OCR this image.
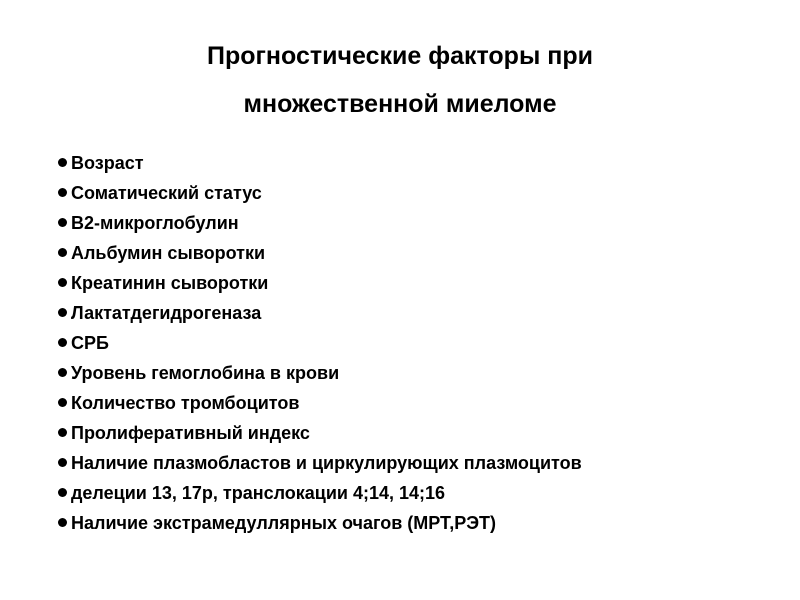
Прогностические факторы при
множественной миеломе
Возраст
Соматический статус
B2-микроглобулин
Альбумин сыворотки
Креатинин сыворотки
Лактатдегидрогеназа
СРБ
Уровень гемоглобина в крови
Количество тромбоцитов
Пролиферативный индекс
Наличие плазмобластов и циркулирующих плазмоцитов
делеции 13, 17р, транслокации 4;14, 14;16
Наличие экстрамедуллярных очагов (МРТ,РЭТ)
